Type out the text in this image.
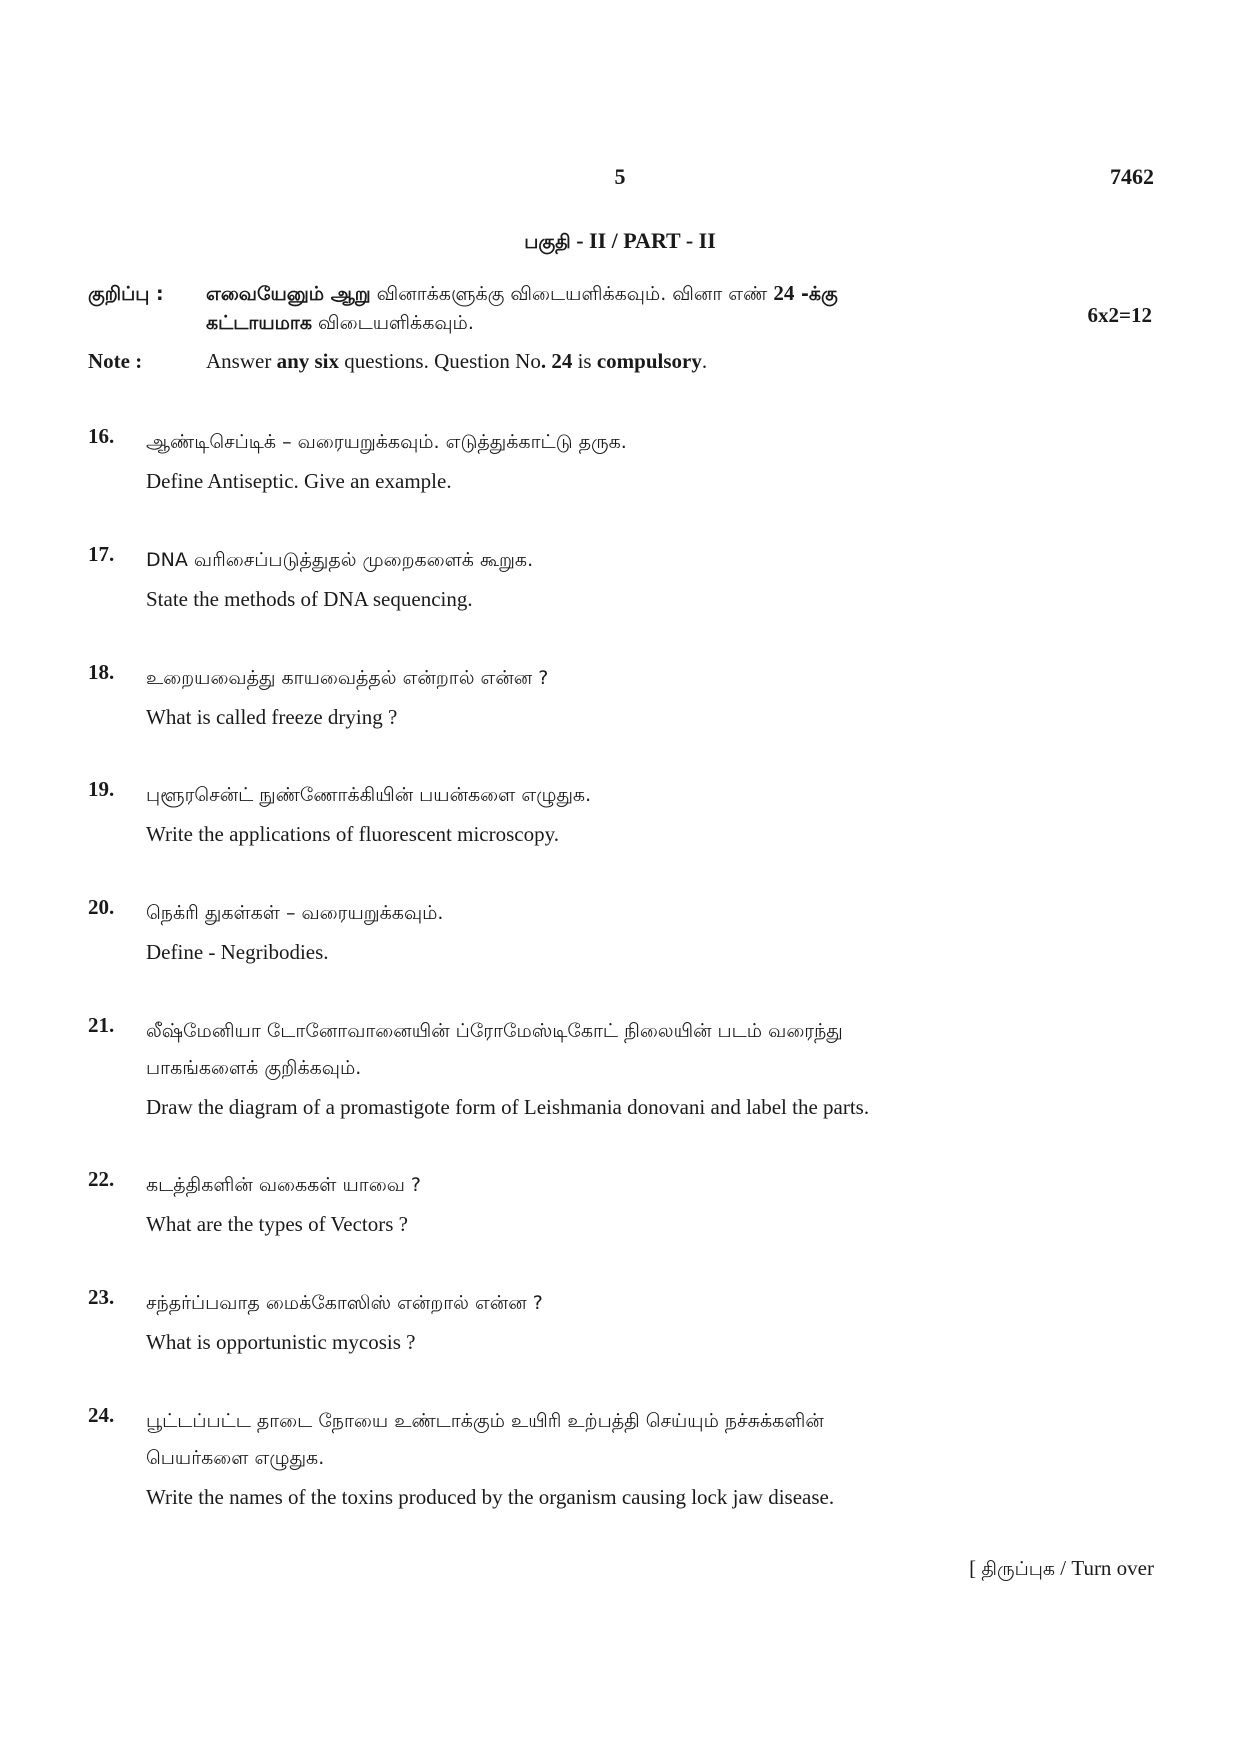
5	7462
பகுதி - II / PART - II
குறிப்பு : எவையேனும் ஆறு வினாக்களுக்கு விடையளிக்கவும். வினா எண் 24 -க்கு
கட்டாயமாக விடையளிக்கவும்.	6x2=12
Note :	Answer any six questions. Question No. 24 is compulsory.
16. ஆண்டிசெப்டிக் – வரையறுக்கவும். எடுத்துக்காட்டு தருக.
Define Antiseptic. Give an example.
17. DNA வரிசைப்படுத்துதல் முறைகளைக் கூறுக.
State the methods of DNA sequencing.
18. உறையவைத்து காயவைத்தல் என்றால் என்ன ?
What is called freeze drying ?
19. புளூரசென்ட் நுண்ணோக்கியின் பயன்களை எழுதுக.
Write the applications of fluorescent microscopy.
20. நெக்ரி துகள்கள் – வரையறுக்கவும்.
Define - Negribodies.
21. லீஷ்மேனியா டோனோவானையின் ப்ரோமேஸ்டிகோட் நிலையின் படம் வரைந்து
பாகங்களைக் குறிக்கவும்.
Draw the diagram of a promastigote form of Leishmania donovani and label the parts.
22. கடத்திகளின் வகைகள் யாவை ?
What are the types of Vectors ?
23. சந்தர்ப்பவாத மைக்கோஸிஸ் என்றால் என்ன ?
What is opportunistic mycosis ?
24. பூட்டப்பட்ட தாடை நோயை உண்டாக்கும் உயிரி உற்பத்தி செய்யும் நச்சுக்களின்
பெயர்களை எழுதுக.
Write the names of the toxins produced by the organism causing lock jaw disease.
[ திருப்புக / Turn over
